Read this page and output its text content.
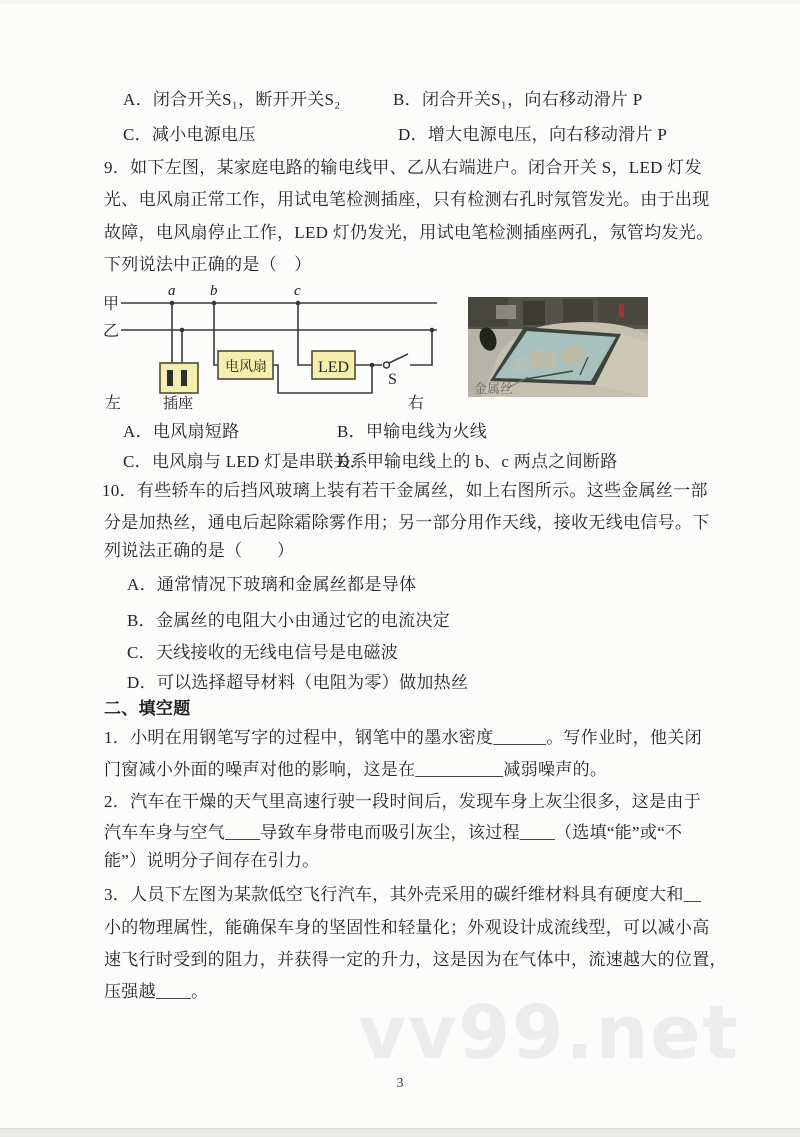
A．闭合开关S₁，断开开关S₂	B．闭合开关S₁，向右移动滑片 P
C．减小电源电压	D．增大电源电压，向右移动滑片 P
9．如下左图，某家庭电路的输电线甲、乙从右端进户。闭合开关 S，LED 灯发
光、电风扇正常工作，用试电笔检测插座，只有检测右孔时氖管发光。由于出现
故障，电风扇停止工作，LED 灯仍发光，用试电笔检测插座两孔，氖管均发光。
下列说法中正确的是（　）
甲
乙
a b	c
电风扇	LED
S
插座
左	右
金属丝
A．电风扇短路	B．甲输电线为火线
C．电风扇与 LED 灯是串联关系
D．甲输电线上的 b、c 两点之间断路
10．有些轿车的后挡风玻璃上装有若干金属丝，如上右图所示。这些金属丝一部
分是加热丝，通电后起除霜除雾作用；另一部分用作天线，接收无线电信号。下
列说法正确的是（　　）
A．通常情况下玻璃和金属丝都是导体
B．金属丝的电阻大小由通过它的电流决定
C．天线接收的无线电信号是电磁波
D．可以选择超导材料（电阻为零）做加热丝
二、填空题
1．小明在用钢笔写字的过程中，钢笔中的墨水密度______。写作业时，他关闭
门窗减小外面的噪声对他的影响，这是在__________减弱噪声的。
2．汽车在干燥的天气里高速行驶一段时间后，发现车身上灰尘很多，这是由于
汽车车身与空气____导致车身带电而吸引灰尘，该过程____（选填“能”或“不
能”）说明分子间存在引力。
3．人员下左图为某款低空飞行汽车，其外壳采用的碳纤维材料具有硬度大和__
小的物理属性，能确保车身的坚固性和轻量化；外观设计成流线型，可以减小高
速飞行时受到的阻力，并获得一定的升力，这是因为在气体中，流速越大的位置，
压强越____。 vv99.net
3
